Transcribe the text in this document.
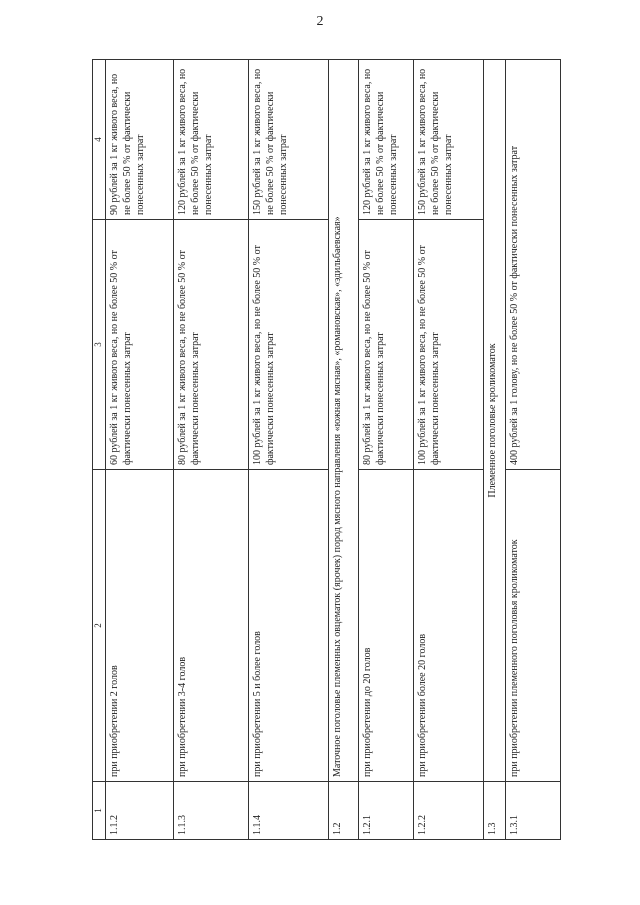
2
1	2	3	4
1.1.2	при приобретении 2 голов	60 рублей за 1 кг живого веса, но не более 50 % от фактически понесенных затрат	90 рублей за 1 кг живого веса, но не более 50 % от фактически понесенных затрат
1.1.3	при приобретении 3-4 голов	80 рублей за 1 кг живого веса, но не более 50 % от фактически понесенных затрат	120 рублей за 1 кг живого веса, но не более 50 % от фактически понесенных затрат
1.1.4	при приобретении 5 и более голов	100 рублей за 1 кг живого веса, но не более 50 % от фактически понесенных затрат	150 рублей за 1 кг живого веса, но не более 50 % от фактически понесенных затрат
1.2	Маточное поголовье племенных овцематок (ярочек) пород мясного направления «южная мясная», «романовская», «эдильбаевская»		
1.2.1	при приобретении до 20 голов	80 рублей за 1 кг живого веса, но не более 50 % от фактически понесенных затрат	120 рублей за 1 кг живого веса, но не более 50 % от фактически понесенных затрат
1.2.2	при приобретении более 20 голов	100 рублей за 1 кг живого веса, но не более 50 % от фактически понесенных затрат	150 рублей за 1 кг живого веса, но не более 50 % от фактически понесенных затрат
1.3	Племенное поголовье кроликоматок		
1.3.1	при приобретении племенного поголовья кроликоматок	400 рублей за 1 голову, но не более 50 % от фактически понесенных затрат	
